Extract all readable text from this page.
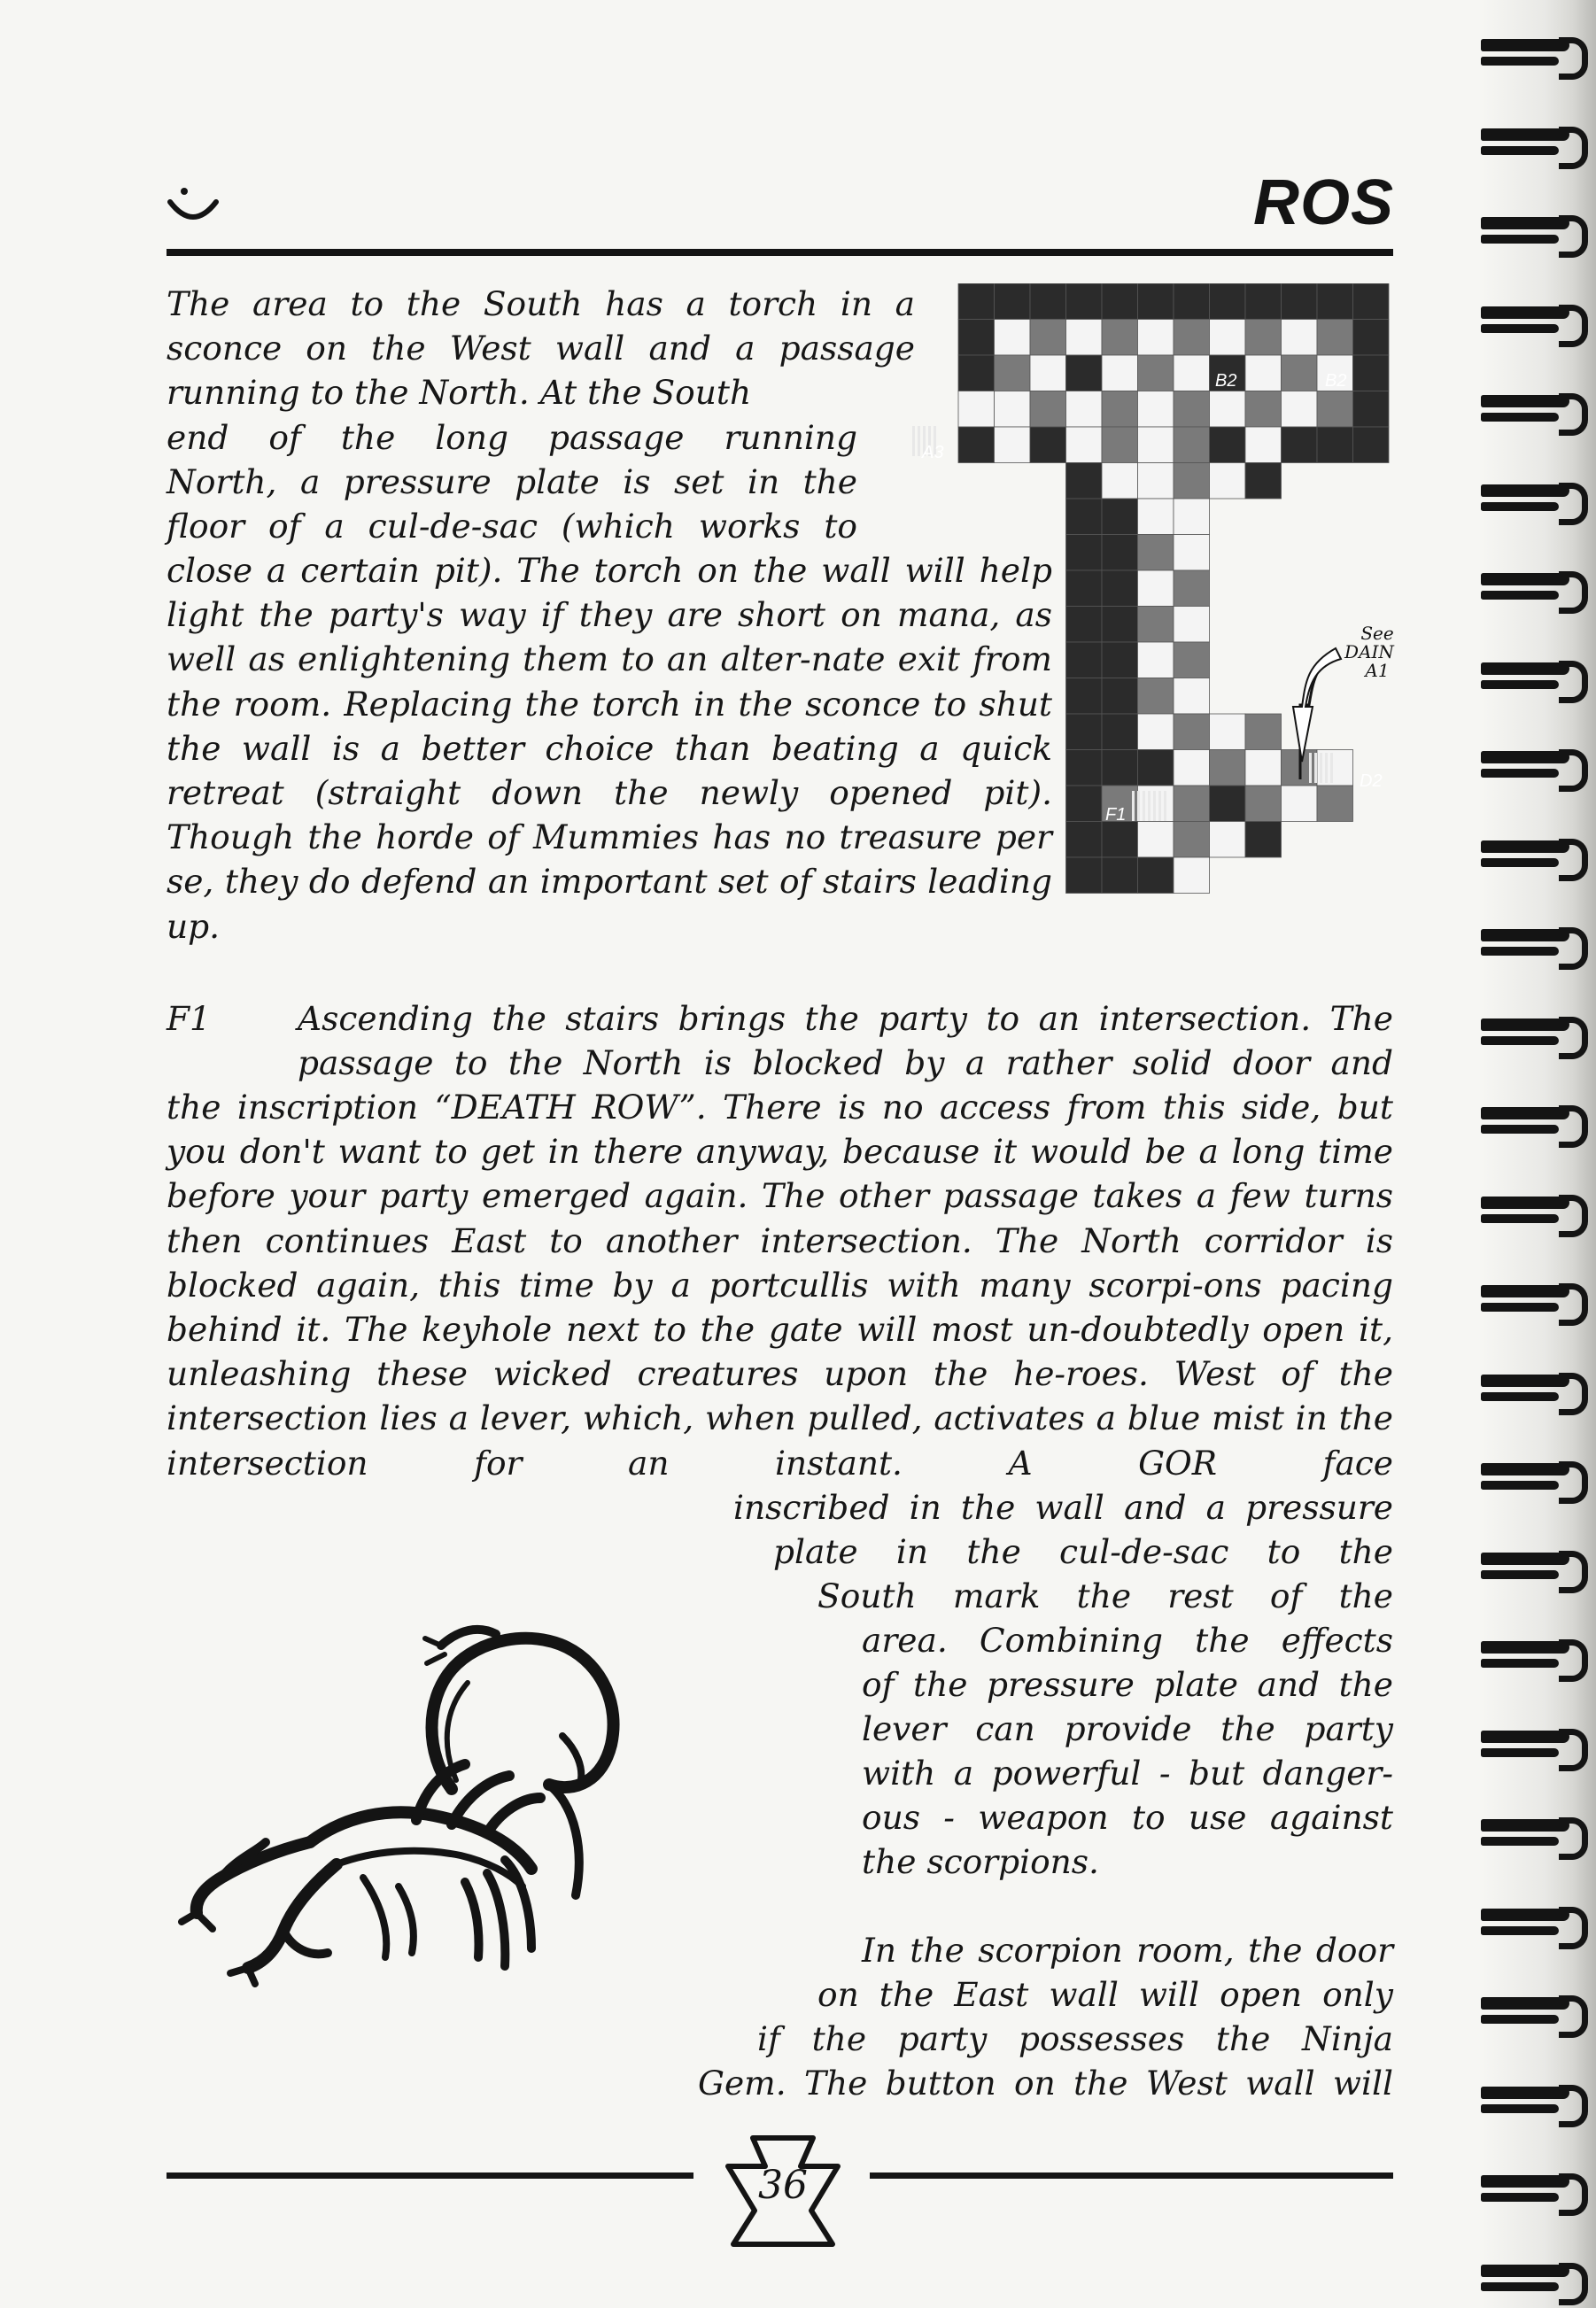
ROS

The area to the South has a torch in a

sconce on the West wall and a passage

running to the North. At the South

end of the long passage running

North, a pressure plate is set in the

floor of a cul-de-sac (which works to

close a certain pit). The torch on the wall will help light the party's way if they are short on mana, as well as enlightening them to an alter-nate exit from the room. Replacing the torch in the sconce to shut the wall is a better choice than beating a quick retreat (straight down the newly opened pit). Though the horde of Mummies has no treasure per se, they do defend an important set of stairs leading up.

A3
B2	B2
D2
F1
See
DAIN
A1
F1	Ascending the stairs brings the party to an intersection. The

passage to the North is blocked by a rather solid door and

the inscription “DEATH ROW”. There is no access from this side, but you don't want to get in there anyway, because it would be a long time before your party emerged again. The other passage takes a few turns then continues East to another intersection. The North corridor is blocked again, this time by a portcullis with many scorpi-ons pacing behind it. The keyhole next to the gate will most un-doubtedly open it, unleashing these wicked creatures upon the he-roes. West of the intersection lies a lever, which, when pulled, activates a blue mist in the intersection for an instant. A GOR face

inscribed in the wall and a pressure
plate in the cul-de-sac to the
South mark the rest of the
area. Combining the effects
of the pressure plate and the
lever can provide the party
with a powerful - but danger-
ous - weapon to use against
the scorpions.
In the scorpion room, the door
on the East wall will open only
if the party possesses the Ninja
Gem. The button on the West wall will
36
